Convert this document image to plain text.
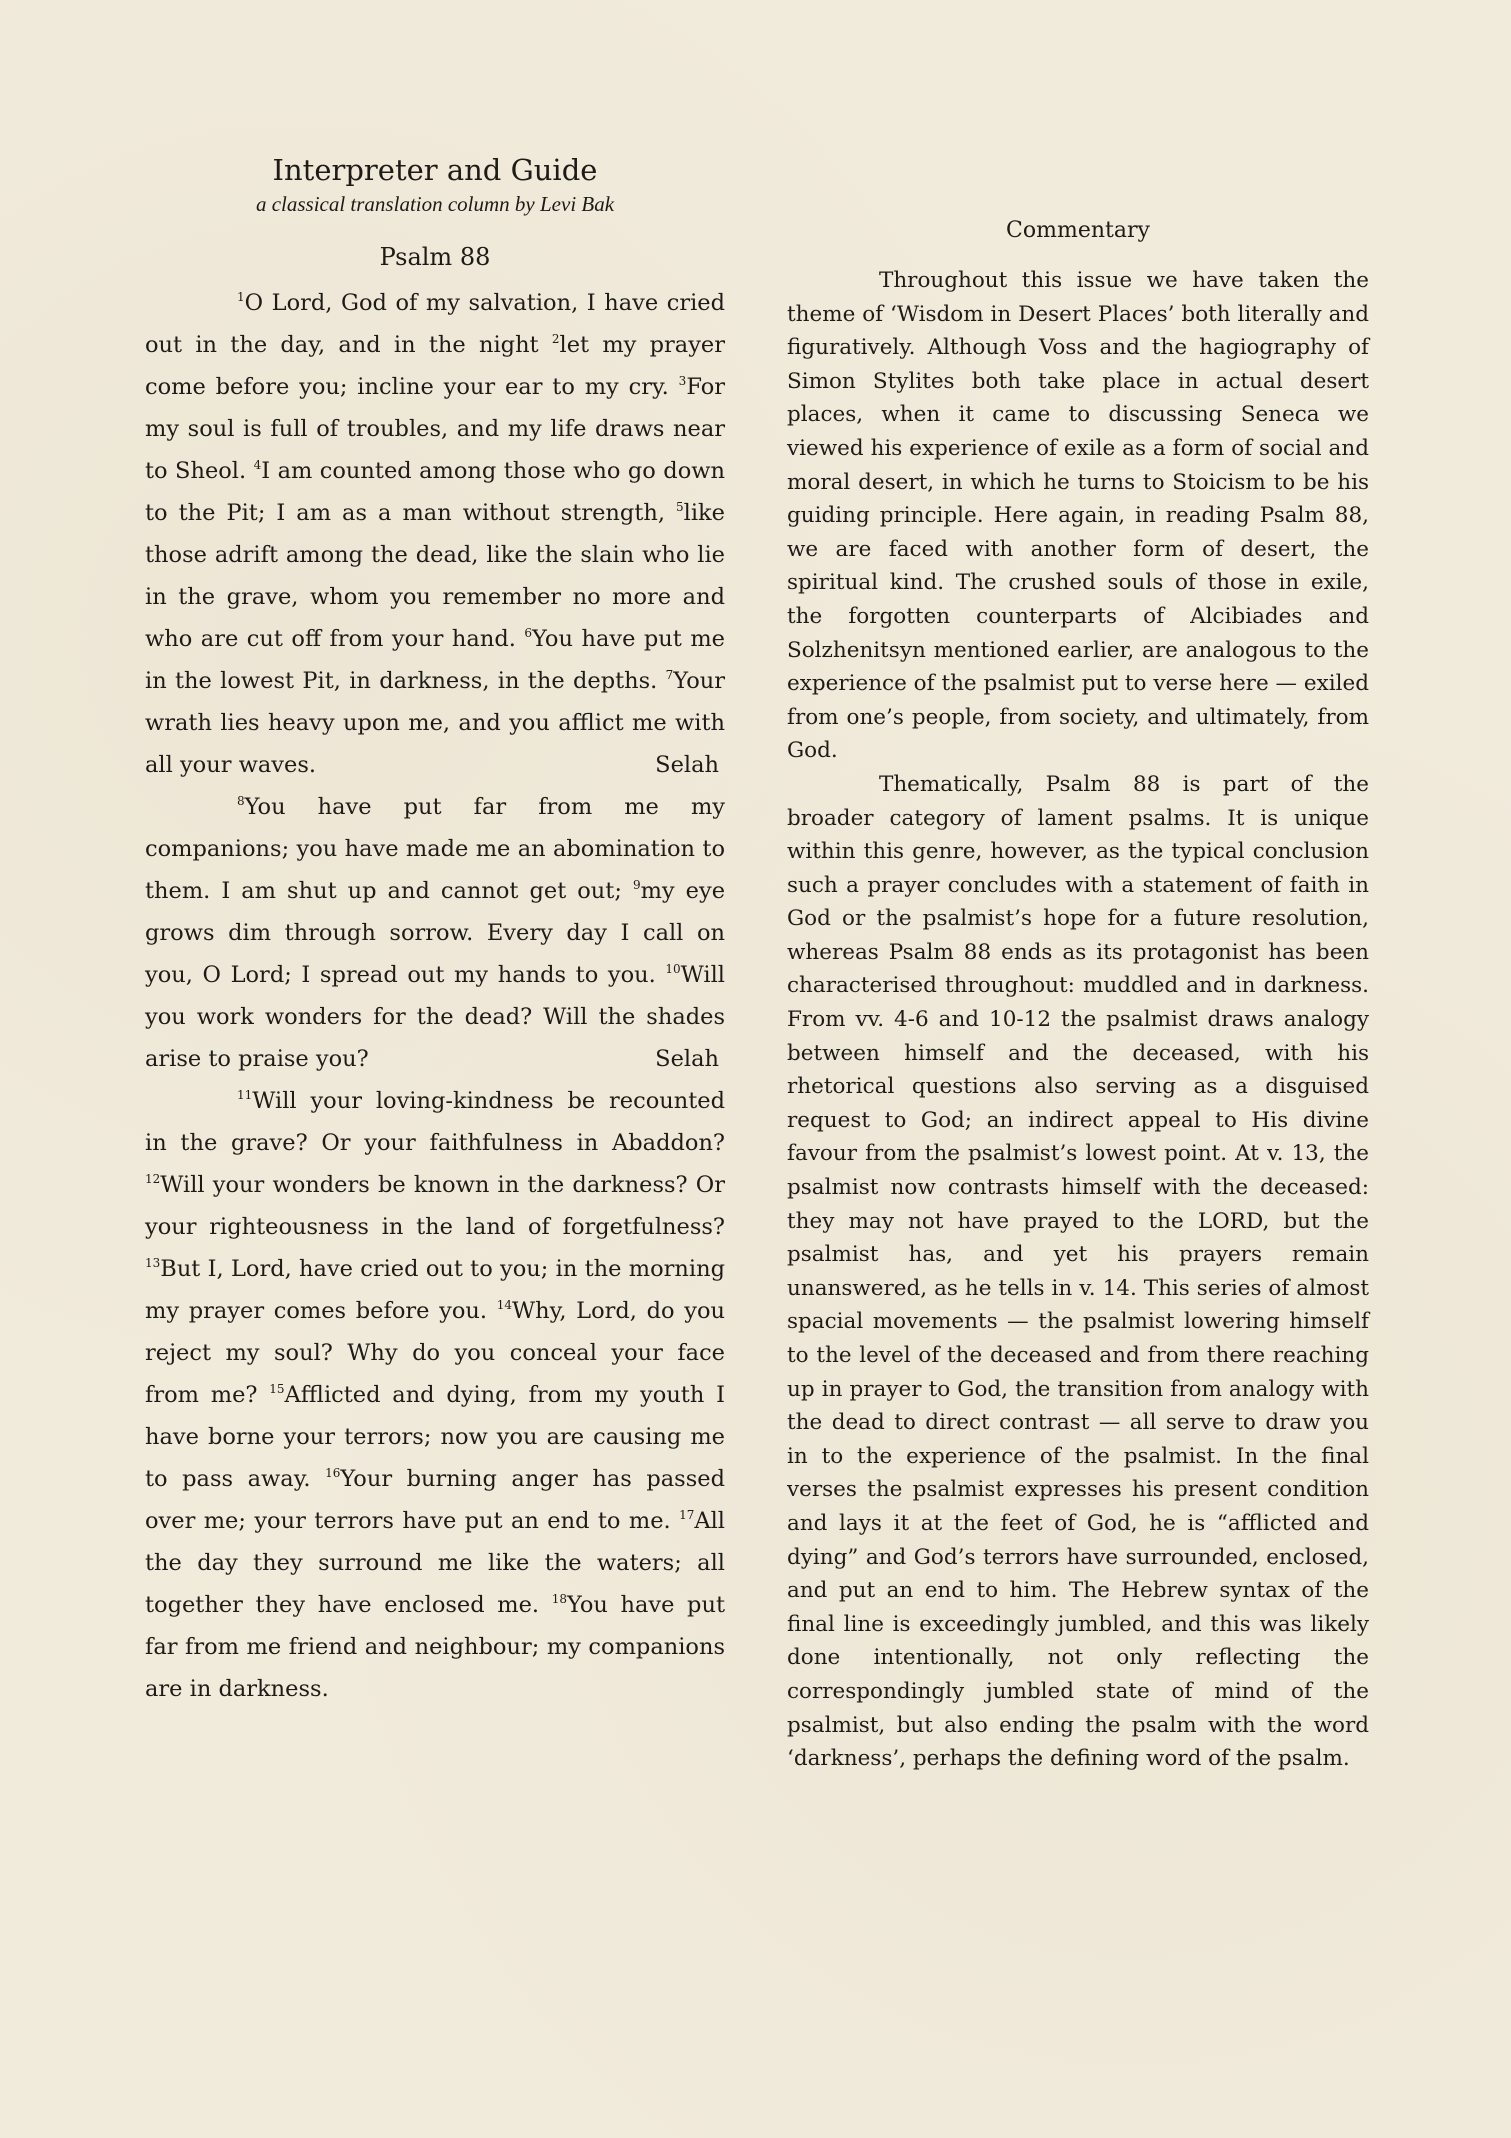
Interpreter and Guide

a classical translation column by Levi Bak

Psalm 88

$^1$O Lord, God of my salvation, I have cried out in the day, and in the night $^2$let my prayer come before you; incline your ear to my cry. $^3$For my soul is full of troubles, and my life draws near to Sheol. $^4$I am counted among those who go down to the Pit; I am as a man without strength, $^5$like those adrift among the dead, like the slain who lie in the grave, whom you remember no more and who are cut off from your hand. $^6$You have put me in the lowest Pit, in darkness, in the depths. $^7$Your wrath lies heavy upon me, and you afflict me with all your waves.	Selah

$^8$You have put far from me my companions; you have made me an abomination to them. I am shut up and cannot get out; $^9$my eye grows dim through sorrow. Every day I call on you, O Lord; I spread out my hands to you. $^{10}$Will you work wonders for the dead? Will the shades arise to praise you?	Selah

$^{11}$Will your loving-kindness be recounted in the grave? Or your faithfulness in Abaddon? $^{12}$Will your wonders be known in the darkness? Or your righteousness in the land of forgetfulness? $^{13}$But I, Lord, have cried out to you; in the morning my prayer comes before you. $^{14}$Why, Lord, do you reject my soul? Why do you conceal your face from me? $^{15}$Afflicted and dying, from my youth I have borne your terrors; now you are causing me to pass away. $^{16}$Your burning anger has passed over me; your terrors have put an end to me. $^{17}$All the day they surround me like the waters; all together they have enclosed me. $^{18}$You have put far from me friend and neighbour; my companions are in darkness.

Commentary

Throughout this issue we have taken the theme of ‘Wisdom in Desert Places’ both literally and figuratively. Although Voss and the hagiography of Simon Stylites both take place in actual desert places, when it came to discussing Seneca we viewed his experience of exile as a form of social and moral desert, in which he turns to Stoicism to be his guiding principle. Here again, in reading Psalm 88, we are faced with another form of desert, the spiritual kind. The crushed souls of those in exile, the forgotten counterparts of Alcibiades and Solzhenitsyn mentioned earlier, are analogous to the experience of the psalmist put to verse here — exiled from one’s people, from society, and ultimately, from God.

Thematically, Psalm 88 is part of the broader category of lament psalms. It is unique within this genre, however, as the typical conclusion such a prayer concludes with a statement of faith in God or the psalmist’s hope for a future resolution, whereas Psalm 88 ends as its protagonist has been characterised throughout: muddled and in darkness. From vv. 4-6 and 10-12 the psalmist draws analogy between himself and the deceased, with his rhetorical questions also serving as a disguised request to God; an indirect appeal to His divine favour from the psalmist’s lowest point. At v. 13, the psalmist now contrasts himself with the deceased: they may not have prayed to the LORD, but the psalmist has, and yet his prayers remain unanswered, as he tells in v. 14. This series of almost spacial movements — the psalmist lowering himself to the level of the deceased and from there reaching up in prayer to God, the transition from analogy with the dead to direct contrast — all serve to draw you in to the experience of the psalmist. In the final verses the psalmist expresses his present condition and lays it at the feet of God, he is “afflicted and dying” and God’s terrors have surrounded, enclosed, and put an end to him. The Hebrew syntax of the final line is exceedingly jumbled, and this was likely done intentionally, not only reflecting the correspondingly jumbled state of mind of the psalmist, but also ending the psalm with the word ‘darkness’, perhaps the defining word of the psalm.
